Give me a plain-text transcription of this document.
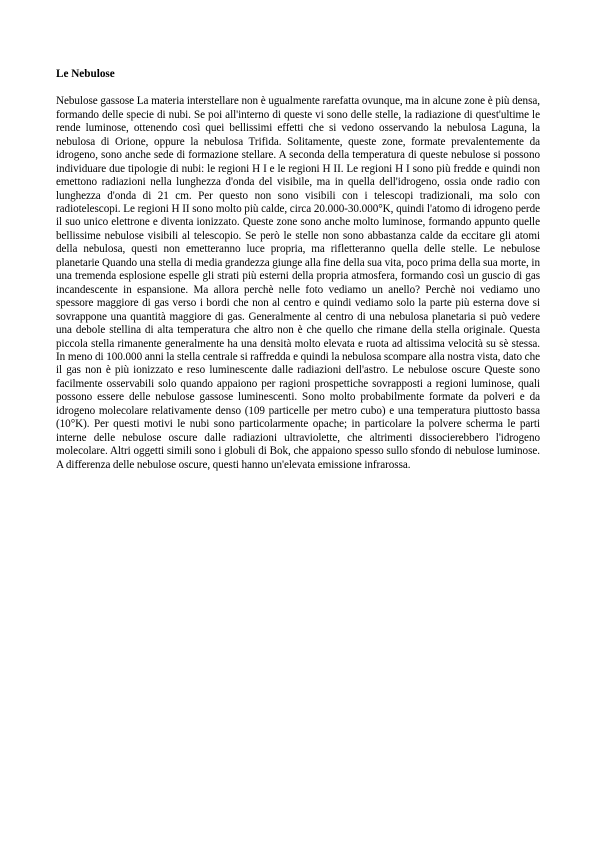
Le Nebulose

Nebulose gassose La materia interstellare non è ugualmente rarefatta ovunque, ma in alcune zone è più densa, formando delle specie di nubi. Se poi all'interno di queste vi sono delle stelle, la radiazione di quest'ultime le rende luminose, ottenendo così quei bellissimi effetti che si vedono osservando la nebulosa Laguna, la nebulosa di Orione, oppure la nebulosa Trifida. Solitamente, queste zone, formate prevalentemente da idrogeno, sono anche sede di formazione stellare. A seconda della temperatura di queste nebulose si possono individuare due tipologie di nubi: le regioni H I e le regioni H II. Le regioni H I sono più fredde e quindi non emettono radiazioni nella lunghezza d'onda del visibile, ma in quella dell'idrogeno, ossia onde radio con lunghezza d'onda di 21 cm. Per questo non sono visibili con i telescopi tradizionali, ma solo con radiotelescopi. Le regioni H II sono molto più calde, circa 20.000-30.000°K, quindi l'atomo di idrogeno perde il suo unico elettrone e diventa ionizzato. Queste zone sono anche molto luminose, formando appunto quelle bellissime nebulose visibili al telescopio. Se però le stelle non sono abbastanza calde da eccitare gli atomi della nebulosa, questi non emetteranno luce propria, ma rifletteranno quella delle stelle. Le nebulose planetarie Quando una stella di media grandezza giunge alla fine della sua vita, poco prima della sua morte, in una tremenda esplosione espelle gli strati più esterni della propria atmosfera, formando così un guscio di gas incandescente in espansione. Ma allora perchè nelle foto vediamo un anello? Perchè noi vediamo uno spessore maggiore di gas verso i bordi che non al centro e quindi vediamo solo la parte più esterna dove si sovrappone una quantità maggiore di gas. Generalmente al centro di una nebulosa planetaria si può vedere una debole stellina di alta temperatura che altro non è che quello che rimane della stella originale. Questa piccola stella rimanente generalmente ha una densità molto elevata e ruota ad altissima velocità su sè stessa. In meno di 100.000 anni la stella centrale si raffredda e quindi la nebulosa scompare alla nostra vista, dato che il gas non è più ionizzato e reso luminescente dalle radiazioni dell'astro. Le nebulose oscure Queste sono facilmente osservabili solo quando appaiono per ragioni prospettiche sovrapposti a regioni luminose, quali possono essere delle nebulose gassose luminescenti. Sono molto probabilmente formate da polveri e da idrogeno molecolare relativamente denso (109 particelle per metro cubo) e una temperatura piuttosto bassa (10°K). Per questi motivi le nubi sono particolarmente opache; in particolare la polvere scherma le parti interne delle nebulose oscure dalle radiazioni ultraviolette, che altrimenti dissocierebbero l'idrogeno molecolare. Altri oggetti simili sono i globuli di Bok, che appaiono spesso sullo sfondo di nebulose luminose. A differenza delle nebulose oscure, questi hanno un'elevata emissione infrarossa.
